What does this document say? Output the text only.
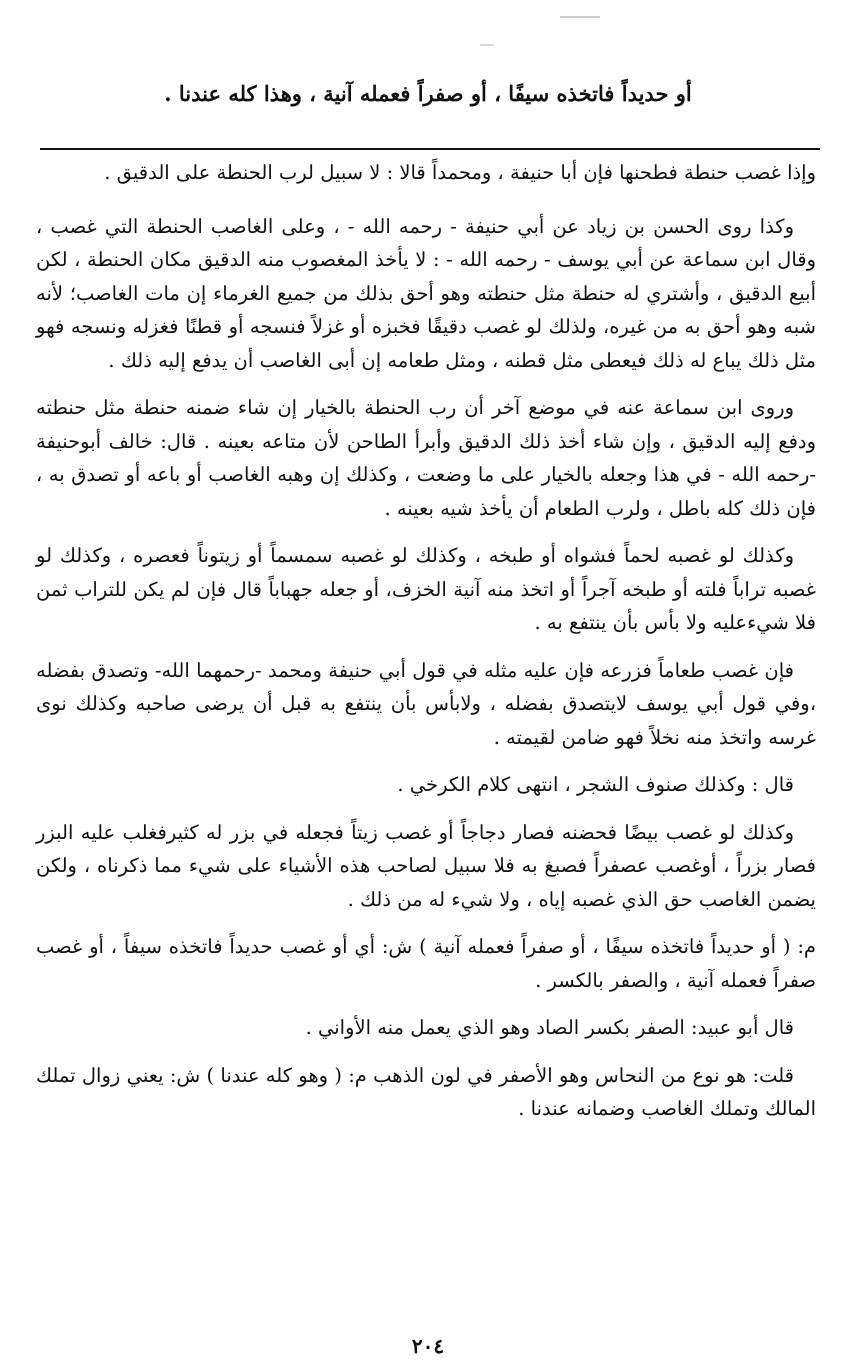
أو حديداً فاتخذه سيفًا ، أو صفراً فعمله آنية ، وهذا كله عندنا .

وإذا غصب حنطة فطحنها فإن أبا حنيفة ، ومحمداً قالا : لا سبيل لرب الحنطة على الدقيق .

وكذا روى الحسن بن زياد عن أبي حنيفة - رحمه الله - ، وعلى الغاصب الحنطة التي غصب ، وقال ابن سماعة عن أبي يوسف - رحمه الله - : لا يأخذ المغصوب منه الدقيق مكان الحنطة ، لكن أبيع الدقيق ، وأشتري له حنطة مثل حنطته وهو أحق بذلك من جميع الغرماء إن مات الغاصب؛ لأنه شبه وهو أحق به من غيره، ولذلك لو غصب دقيقًا فخبزه أو غزلاً فنسجه أو قطنًا فغزله ونسجه فهو مثل ذلك يباع له ذلك فيعطى مثل قطنه ، ومثل طعامه إن أبى الغاصب أن يدفع إليه ذلك .

وروى ابن سماعة عنه في موضع آخر أن رب الحنطة بالخيار إن شاء ضمنه حنطة مثل حنطته ودفع إليه الدقيق ، وإن شاء أخذ ذلك الدقيق وأبرأ الطاحن لأن متاعه بعينه . قال: خالف أبوحنيفة -رحمه الله - في هذا وجعله بالخيار على ما وضعت ، وكذلك إن وهبه الغاصب أو باعه أو تصدق به ، فإن ذلك كله باطل ، ولرب الطعام أن يأخذ شيه بعينه .

وكذلك لو غصبه لحماً فشواه أو طبخه ، وكذلك لو غصبه سمسماً أو زيتوناً فعصره ، وكذلك لو غصبه تراباً فلته أو طبخه آجراً أو اتخذ منه آنية الخزف، أو جعله جهباباً قال فإن لم يكن للتراب ثمن فلا شيءعليه ولا بأس بأن ينتفع به .

فإن غصب طعاماً فزرعه فإن عليه مثله في قول أبي حنيفة ومحمد -رحمهما الله- وتصدق بفضله ،وفي قول أبي يوسف لايتصدق بفضله ، ولابأس بأن ينتفع به قبل أن يرضى صاحبه وكذلك نوى غرسه واتخذ منه نخلاً فهو ضامن لقيمته .

قال : وكذلك صنوف الشجر ، انتهى كلام الكرخي .

وكذلك لو غصب بيضًا فحضنه فصار دجاجاً أو غصب زيتاً فجعله في بزر له كثيرفغلب عليه البزر فصار بزراً ، أوغصب عصفراً فصبغ به فلا سبيل لصاحب هذه الأشياء على شيء مما ذكرناه ، ولكن يضمن الغاصب حق الذي غصبه إياه ، ولا شيء له من ذلك .

م: ( أو حديداً فاتخذه سيفًا ، أو صفراً فعمله آنية ) ش: أي أو غصب حديداً فاتخذه سيفاً ، أو غصب صفراً فعمله آنية ، والصفر بالكسر .

قال أبو عبيد: الصفر بكسر الصاد وهو الذي يعمل منه الأواني .

قلت: هو نوع من النحاس وهو الأصفر في لون الذهب م: ( وهو كله عندنا ) ش: يعني زوال تملك المالك وتملك الغاصب وضمانه عندنا .

٢٠٤
